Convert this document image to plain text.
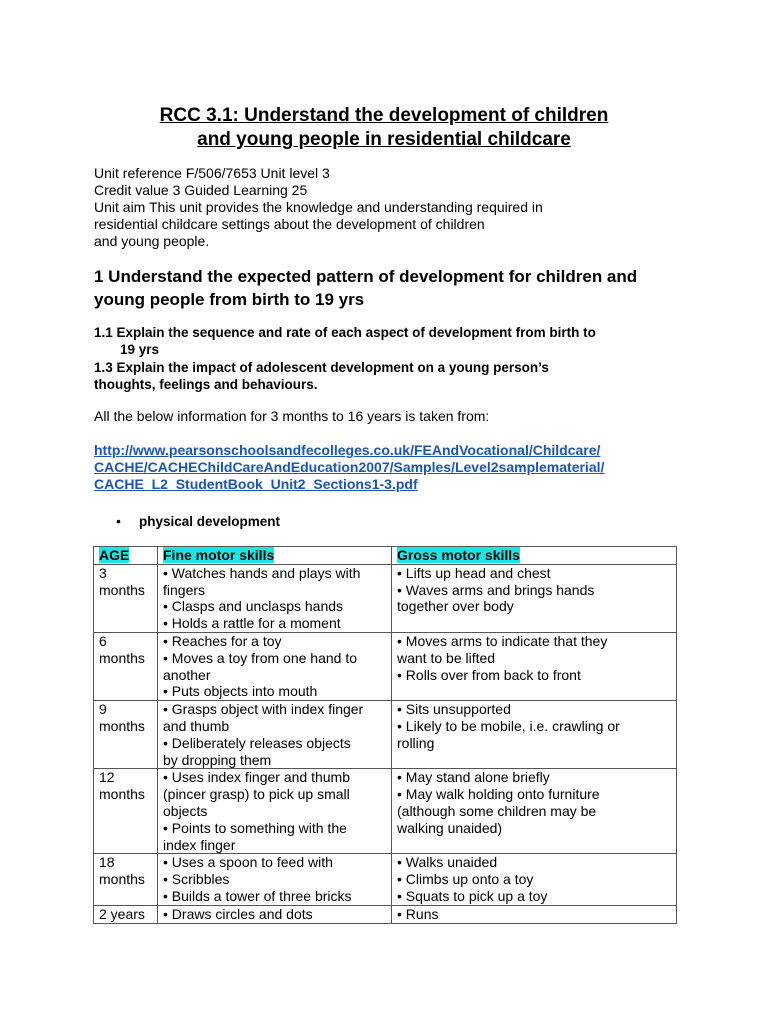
RCC 3.1: Understand the development of children
and young people in residential childcare
Unit reference F/506/7653 Unit level 3
Credit value 3 Guided Learning 25
Unit aim This unit provides the knowledge and understanding required in
residential childcare settings about the development of children
and young people.
1 Understand the expected pattern of development for children and
young people from birth to 19 yrs
1.1 Explain the sequence and rate of each aspect of development from birth to
19 yrs
1.3 Explain the impact of adolescent development on a young person’s
thoughts, feelings and behaviours.
All the below information for 3 months to 16 years is taken from:
http://www.pearsonschoolsandfecolleges.co.uk/FEAndVocational/Childcare/
CACHE/CACHEChildCareAndEducation2007/Samples/Level2samplematerial/
CACHE_L2_StudentBook_Unit2_Sections1-3.pdf
• physical development
AGE	Fine motor skills	Gross motor skills

3
months	• Watches hands and plays with
fingers
• Clasps and unclasps hands
• Holds a rattle for a moment	• Lifts up head and chest
• Waves arms and brings hands
together over body

6
months	• Reaches for a toy
• Moves a toy from one hand to
another
• Puts objects into mouth	• Moves arms to indicate that they
want to be lifted
• Rolls over from back to front

9
months	• Grasps object with index finger
and thumb
• Deliberately releases objects
by dropping them	• Sits unsupported
• Likely to be mobile, i.e. crawling or
rolling

12
months	• Uses index finger and thumb
(pincer grasp) to pick up small
objects
• Points to something with the
index finger	• May stand alone briefly
• May walk holding onto furniture
(although some children may be
walking unaided)

18
months	• Uses a spoon to feed with
• Scribbles
• Builds a tower of three bricks	• Walks unaided
• Climbs up onto a toy
• Squats to pick up a toy

2 years	• Draws circles and dots	• Runs
